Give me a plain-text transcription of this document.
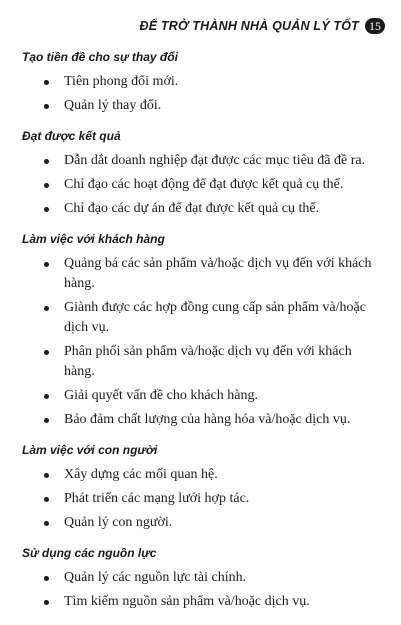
ĐỂ TRỞ THÀNH NHÀ QUẢN LÝ TỐT 15
Tạo tiền đề cho sự thay đổi
Tiên phong đổi mới.
Quản lý thay đổi.
Đạt được kết quả
Dẫn dắt doanh nghiệp đạt được các mục tiêu đã đề ra.
Chỉ đạo các hoạt động để đạt được kết quả cụ thể.
Chỉ đạo các dự án để đạt được kết quả cụ thể.
Làm việc với khách hàng
Quảng bá các sản phẩm và/hoặc dịch vụ đến với khách hàng.
Giành được các hợp đồng cung cấp sản phẩm và/hoặc dịch vụ.
Phân phối sản phẩm và/hoặc dịch vụ đến với khách hàng.
Giải quyết vấn đề cho khách hàng.
Bảo đảm chất lượng của hàng hóa và/hoặc dịch vụ.
Làm việc với con người
Xây dựng các mối quan hệ.
Phát triển các mạng lưới hợp tác.
Quản lý con người.
Sử dụng các nguồn lực
Quản lý các nguồn lực tài chính.
Tìm kiếm nguồn sản phẩm và/hoặc dịch vụ.
